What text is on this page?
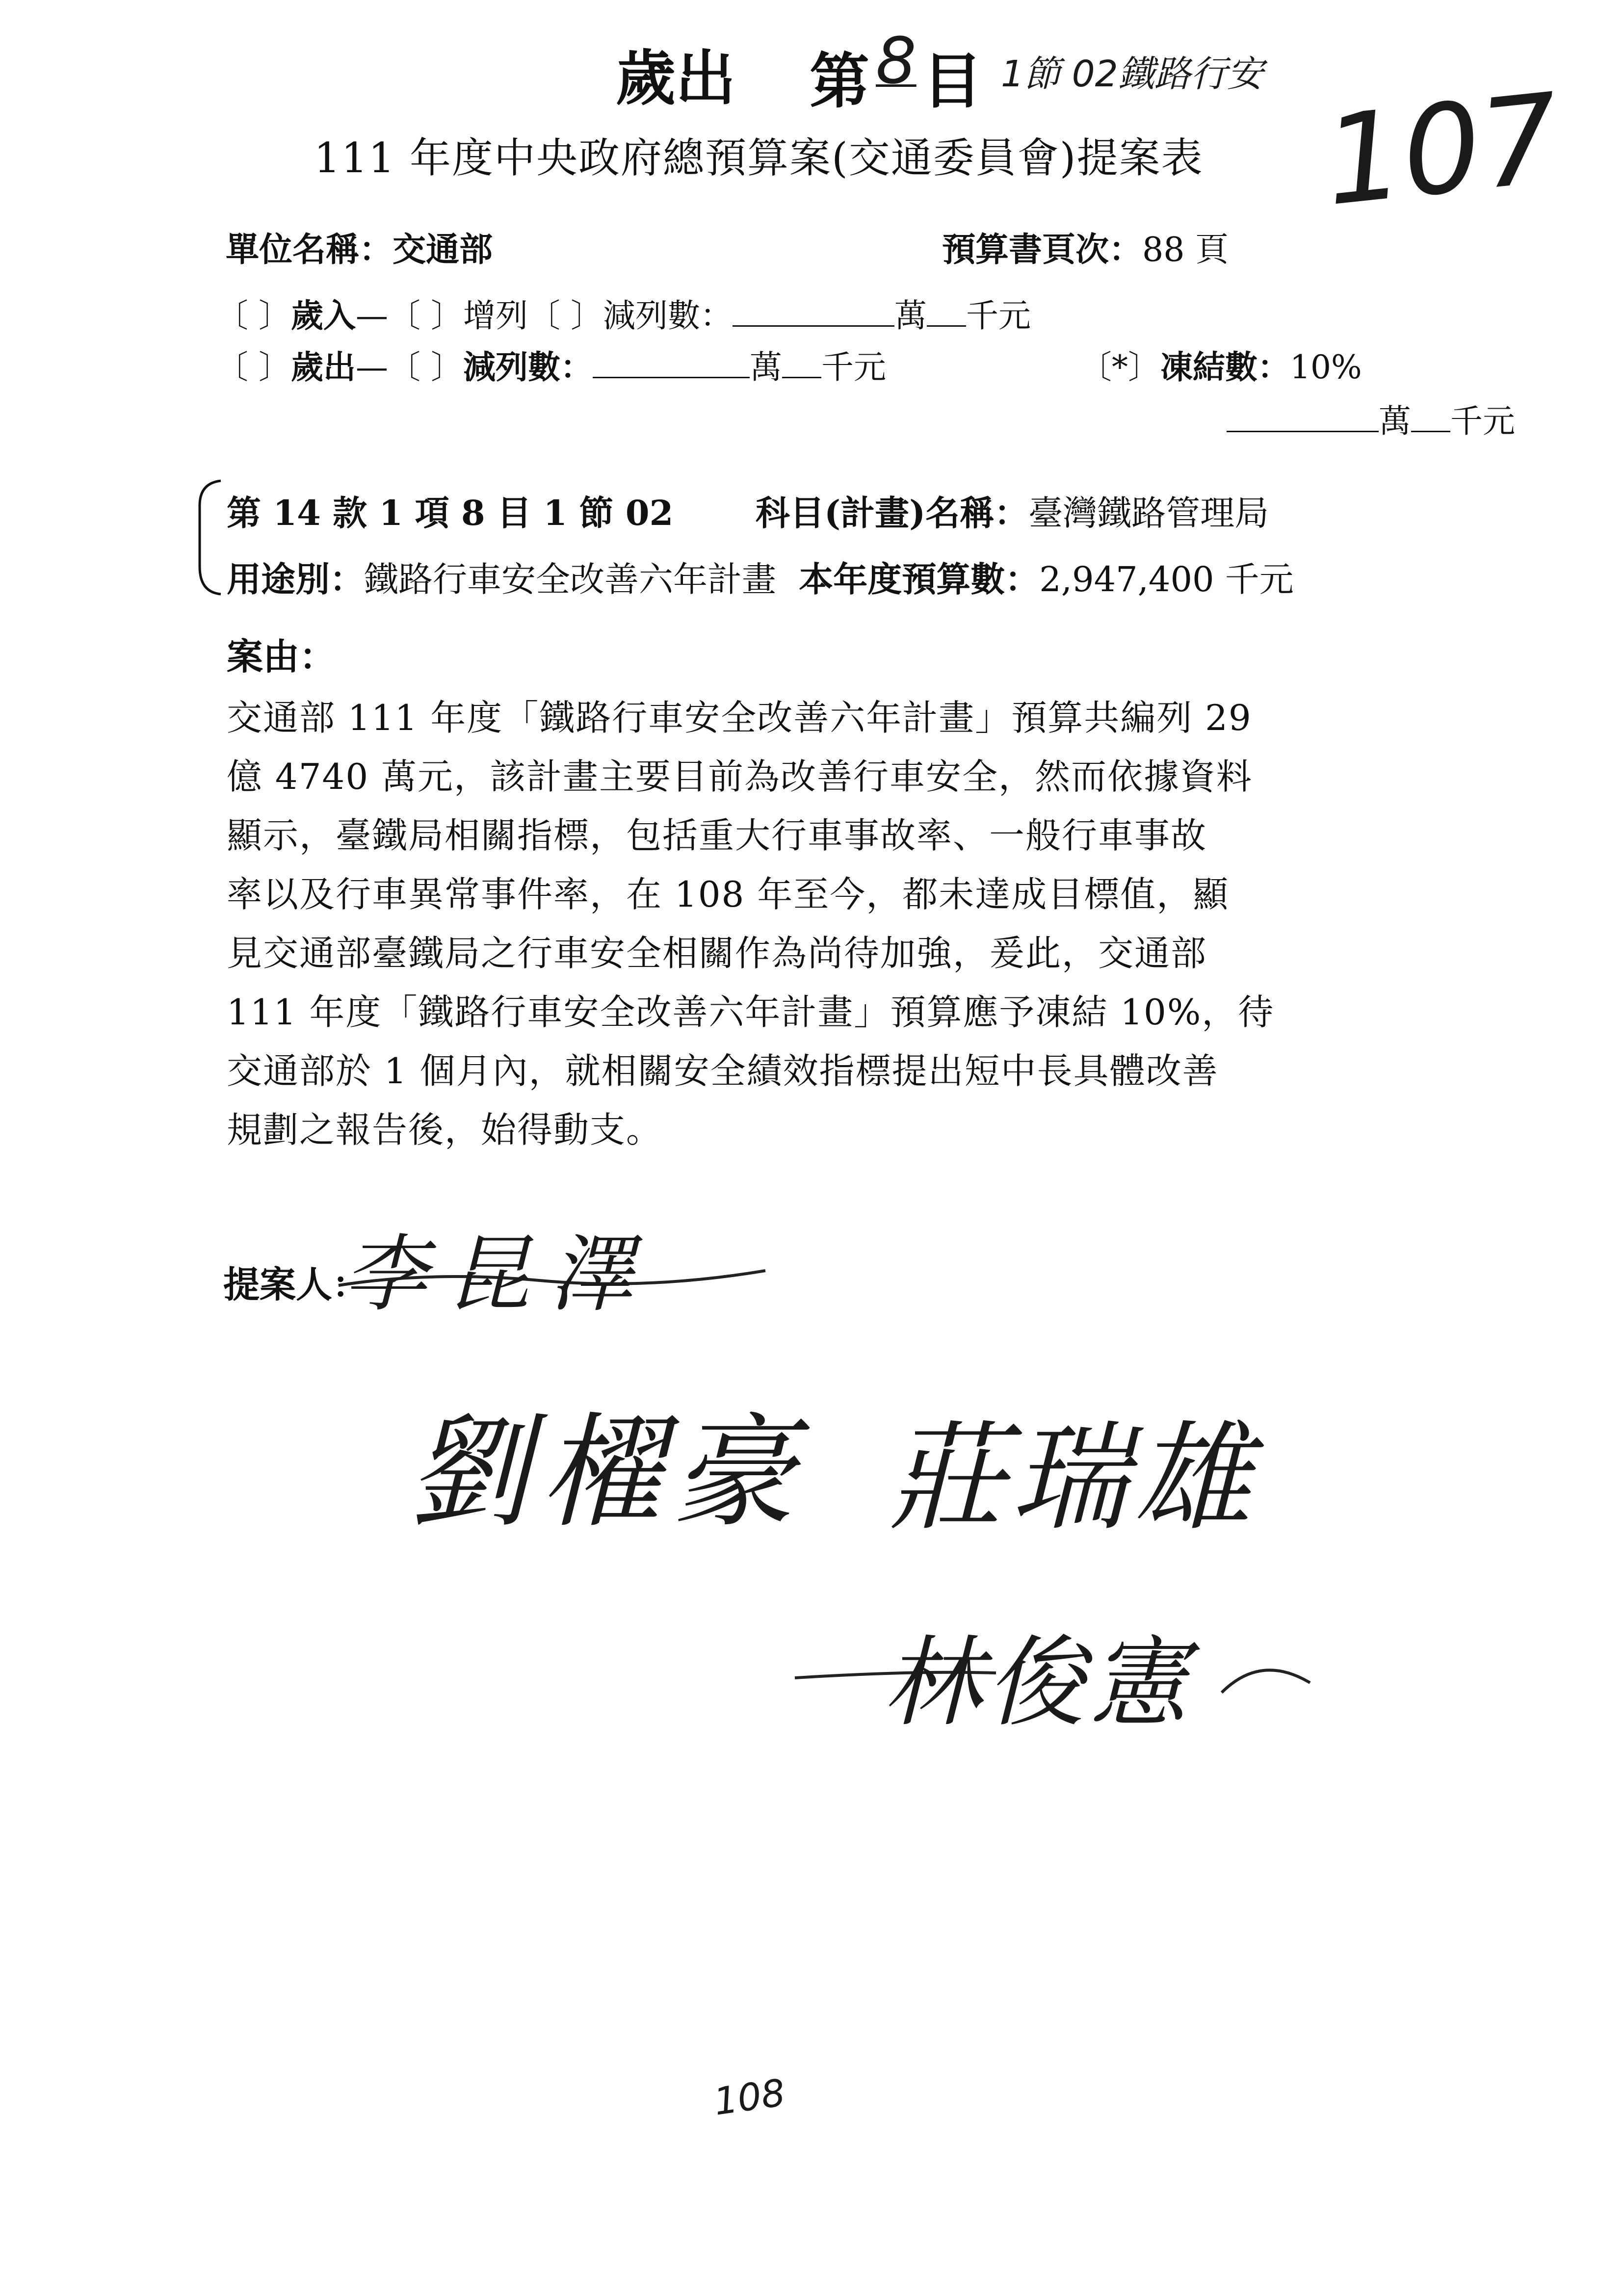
歲出 第 8 目 1節 02鐵路行安
111 年度中央政府總預算案(交通委員會)提案表 107
單位名稱：交通部	預算書頁次：88 頁
〔 〕歲入—〔 〕增列〔 〕減列數：	萬 千元
〔 〕歲出—〔 〕減列數：	萬 千元	〔*〕凍結數：10%
萬 千元
第 14 款 1 項 8 目 1 節 02 科目(計畫)名稱：臺灣鐵路管理局
用途別：鐵路行車安全改善六年計畫 本年度預算數：2,947,400 千元
案由：

交通部 111 年度「鐵路行車安全改善六年計畫」預算共編列 29

億 4740 萬元，該計畫主要目前為改善行車安全，然而依據資料

顯示，臺鐵局相關指標，包括重大行車事故率、一般行車事故

率以及行車異常事件率，在 108 年至今，都未達成目標值，顯

見交通部臺鐵局之行車安全相關作為尚待加強，爰此，交通部

111 年度「鐵路行車安全改善六年計畫」預算應予凍結 10%，待

交通部於 1 個月內，就相關安全績效指標提出短中長具體改善

規劃之報告後，始得動支。

提案人：
李昆澤
劉櫂豪 莊瑞雄
林俊憲
108
